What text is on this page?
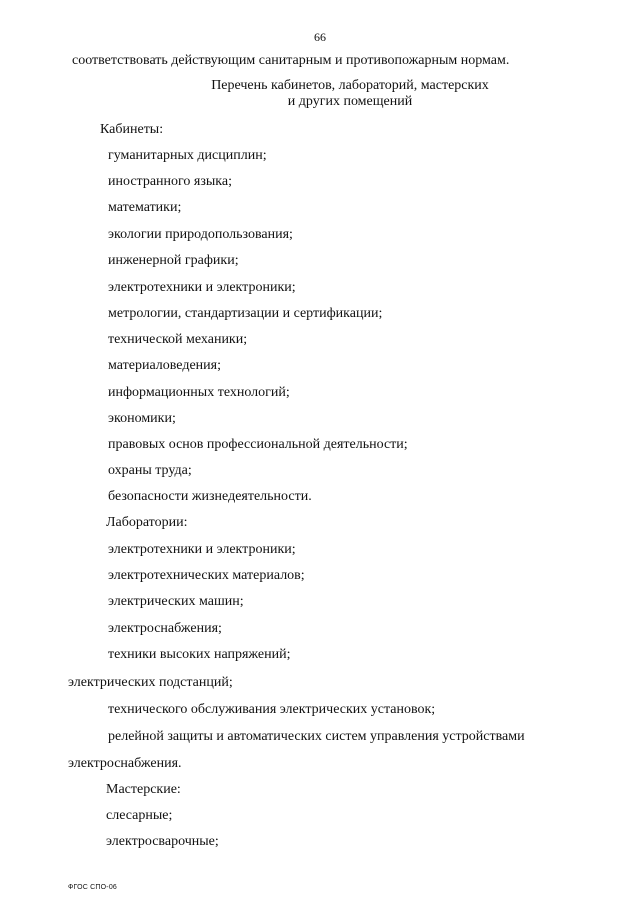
66
соответствовать действующим санитарным и противопожарным нормам.
Перечень кабинетов, лабораторий, мастерских
и других помещений
Кабинеты:
гуманитарных дисциплин;
иностранного языка;
математики;
экологии природопользования;
инженерной графики;
электротехники и электроники;
метрологии, стандартизации и сертификации;
технической механики;
материаловедения;
информационных технологий;
экономики;
правовых основ профессиональной деятельности;
охраны труда;
безопасности жизнедеятельности.
Лаборатории:
электротехники и электроники;
электротехнических материалов;
электрических машин;
электроснабжения;
техники высоких напряжений;
электрических подстанций;
технического обслуживания электрических установок;
релейной защиты и автоматических систем управления устройствами
электроснабжения.
Мастерские:
слесарные;
электросварочные;
ФГОС СПО-06
